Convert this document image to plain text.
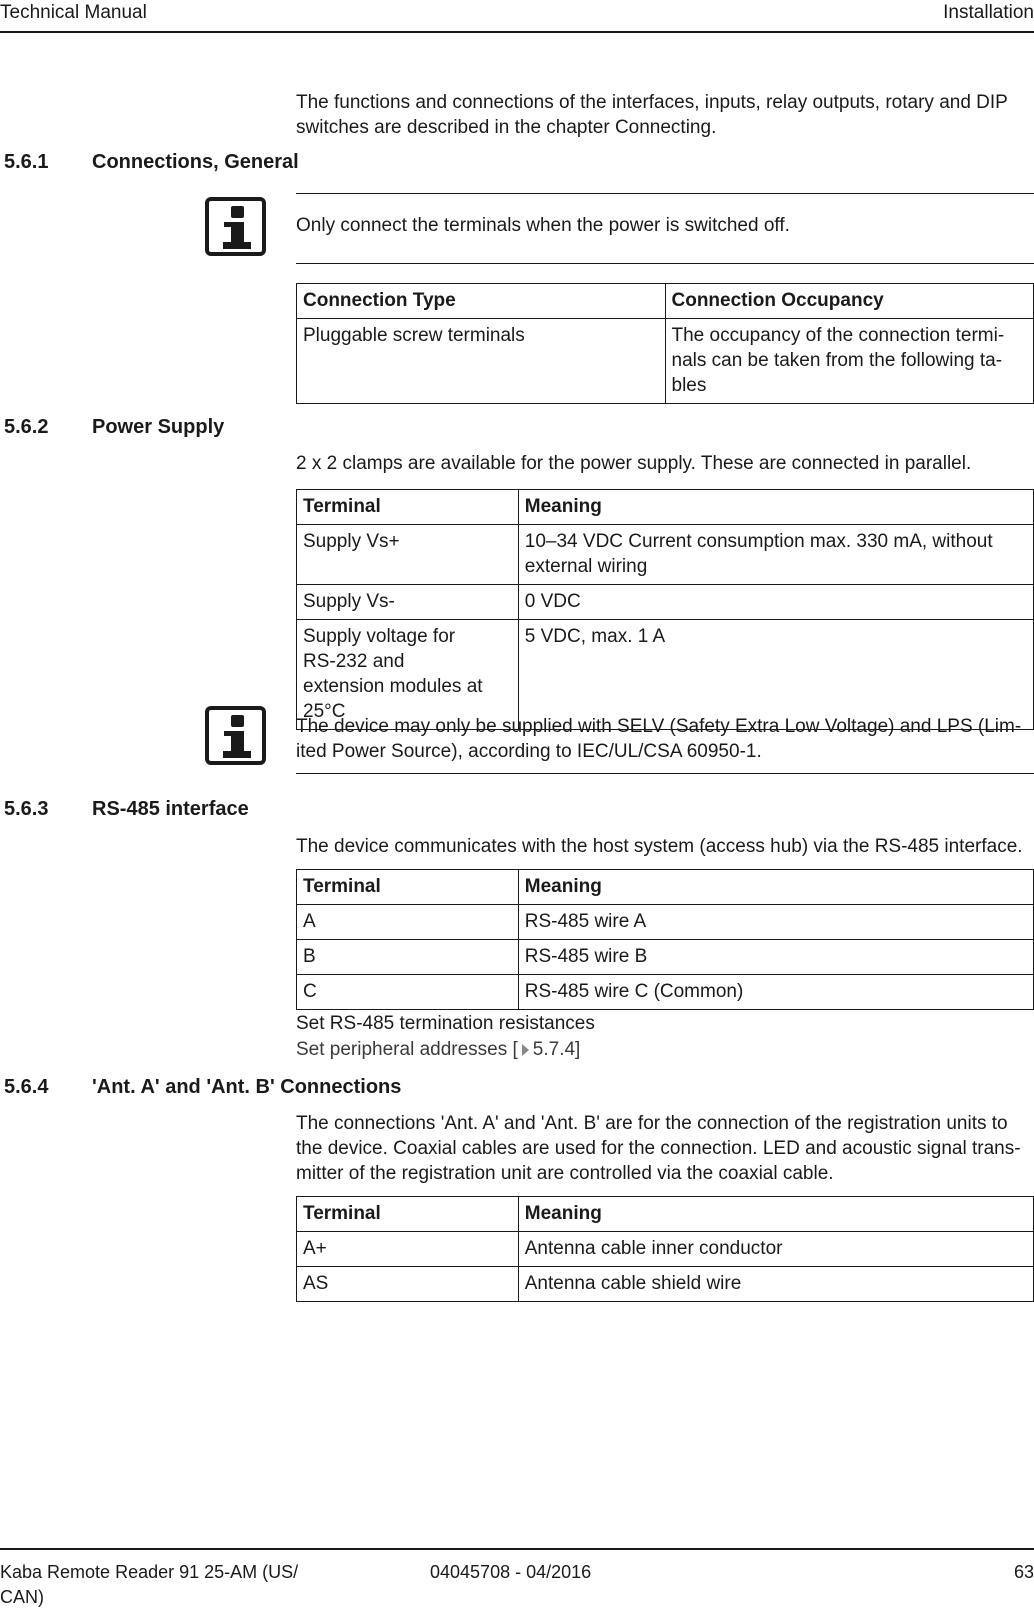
Technical Manual	Installation

The functions and connections of the interfaces, inputs, relay outputs, rotary and DIP switches are described in the chapter Connecting.

5.6.1 Connections, General
Only connect the terminals when the power is switched off.
Connection Type	Connection Occupancy
Pluggable screw terminals	The occupancy of the connection terminals can be taken from the following tables
5.6.2 Power Supply

2 x 2 clamps are available for the power supply. These are connected in parallel.

Terminal	Meaning
Supply Vs+	10–34 VDC Current consumption max. 330 mA, without external wiring
Supply Vs-	0 VDC
Supply voltage for RS-232 and extension modules at 25°C	5 VDC, max. 1 A
The device may only be supplied with SELV (Safety Extra Low Voltage) and LPS (Limited Power Source), according to IEC/UL/CSA 60950-1.
5.6.3 RS-485 interface

The device communicates with the host system (access hub) via the RS-485 interface.

Terminal	Meaning
A	RS-485 wire A
B	RS-485 wire B
C	RS-485 wire C (Common)

Set RS-485 termination resistances

Set peripheral addresses [ 5.7.4]

5.6.4 'Ant. A' and 'Ant. B' Connections

The connections 'Ant. A' and 'Ant. B' are for the connection of the registration units to the device. Coaxial cables are used for the connection. LED and acoustic signal transmitter of the registration unit are controlled via the coaxial cable.

Terminal	Meaning
A+	Antenna cable inner conductor
AS	Antenna cable shield wire
Kaba Remote Reader 91 25-AM (US/ CAN)
04045708 - 04/2016	63
